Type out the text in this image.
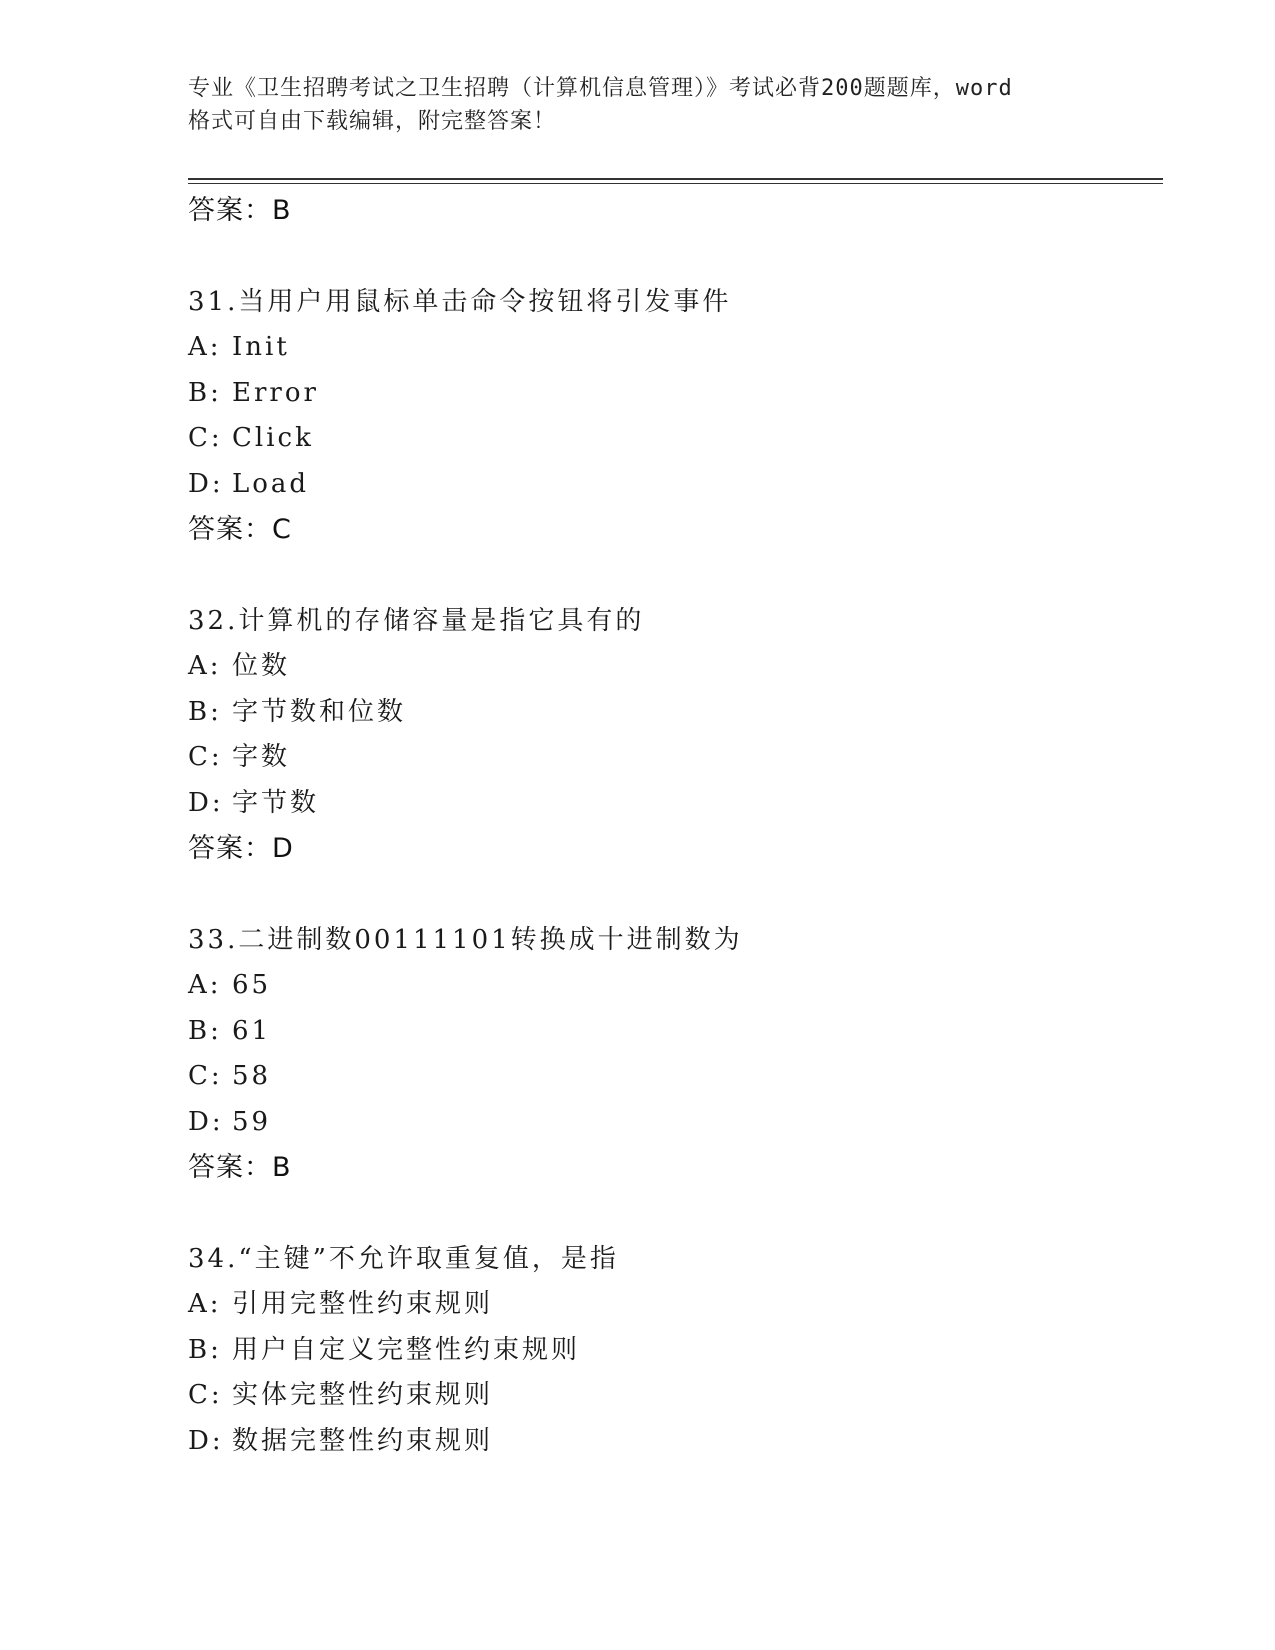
专业《卫生招聘考试之卫生招聘（计算机信息管理）》考试必背200题题库，word
格式可自由下载编辑，附完整答案！
答案：B
31.当用户用鼠标单击命令按钮将引发事件
A: Init
B: Error
C: Click
D: Load
答案：C
32.计算机的存储容量是指它具有的
A: 位数
B: 字节数和位数
C: 字数
D: 字节数
答案：D
33.二进制数00111101转换成十进制数为
A: 65
B: 61
C: 58
D: 59
答案：B
34.“主键”不允许取重复值，是指
A: 引用完整性约束规则
B: 用户自定义完整性约束规则
C: 实体完整性约束规则
D: 数据完整性约束规则
